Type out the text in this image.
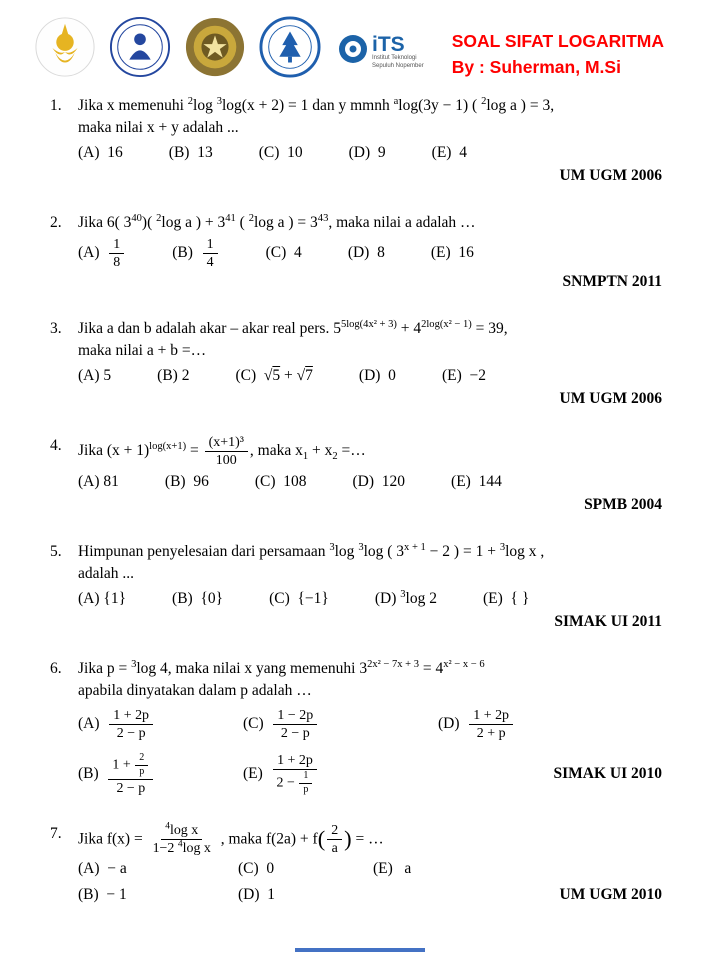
iTS
Institut Teknologi
Sepuluh Nopember
SOAL SIFAT LOGARITMA
By : Suherman, M.Si
1.	Jika x memenuhi $^2$log $^3$log(x + 2) = 1 dan y mmnh $^a$log(3y − 1) ( $^2$log a ) = 3,
maka nilai x + y adalah ...
(A)  16	(B)  13	(C)  10	(D)  9	(E)  4
UM UGM 2006
2.	Jika 6( $3^{40}$)( $^2$log a ) + $3^{41}$ ( $^2$log a ) = $3^{43}$, maka nilai a adalah …
$(A) \frac{1}{8}$	$(B) \frac{1}{4}$	(C)  4	(D)  8	(E)  16
SNMPTN 2011
3.	Jika a dan b adalah akar – akar real pers. $5^{5log(4x^2 + 3)} + 4^{2log(x^2 - 1)} = 39$,
maka nilai a + b =…
(A) 5	(B) 2	(C)  √5 + √7	(D)  0	(E)  −2
UM UGM 2006
4.	Jika $(x + 1)^{log(x+1)} = \frac{\text{(x+1)³}}{100}$ , maka $x_1 + x_2$ =…
(A) 81	(B)  96	(C)  108	(D)  120	(E)  144
SPMB 2004
5.	Himpunan penyelesaian dari persamaan $^3$log $^3$log ( $3^{x + 1} - 2$ ) = 1 + $^3$log x ,
adalah ...
(A) {1}	(B)  {0}	(C)  {−1}	(D) $^3$log 2	(E)  { }
SIMAK UI 2011
6.	Jika p = $^3$log 4, maka nilai x yang memenuhi $3^{2x^2 - 7x + 3} = 4^{x^2 - x - 6}$
apabila dinyatakan dalam p adalah …
$(A) \frac{1 + 2p}{2 - p}$	$(C) \frac{1 - 2p}{2 - p}$	$(D) \frac{1 + 2p}{2 + p}$
$(B) \frac{1 + \frac{2}{p}}{2 - p}$	$(E) \frac{1 + 2p}{2 - \frac{1}{p}}$	SIMAK UI 2010
7.	Jika $f(x) = \frac{^4\log x}{1-2 ^4\log x}$ , maka $f(2a) + f( \frac{2}{a}$ ) = …
(A)  − a	(C)  0	(E)   a
(B)  − 1	(D)  1	UM UGM 2010
